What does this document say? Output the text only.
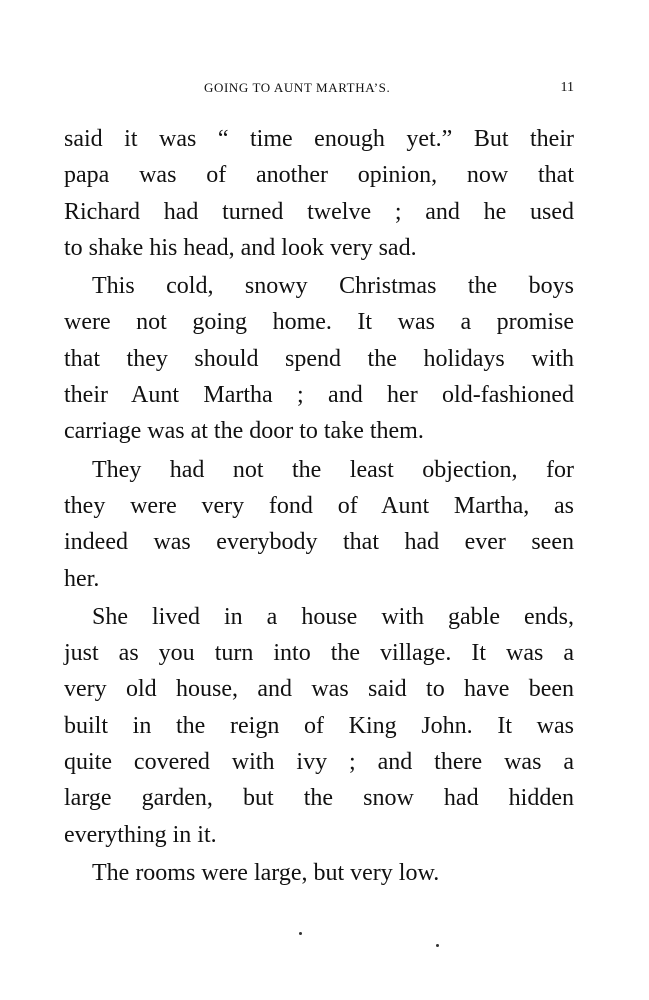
GOING TO AUNT MARTHA’S.	11
said it was “ time enough yet.” But their
papa was of another opinion, now that
Richard had turned twelve ; and he used
to shake his head, and look very sad.
This cold, snowy Christmas the boys
were not going home. It was a promise
that they should spend the holidays with
their Aunt Martha ; and her old-fashioned
carriage was at the door to take them.
They had not the least objection, for
they were very fond of Aunt Martha, as
indeed was everybody that had ever seen
her.
She lived in a house with gable ends,
just as you turn into the village. It was a
very old house, and was said to have been
built in the reign of King John. It was
quite covered with ivy ; and there was a
large garden, but the snow had hidden
everything in it.
The rooms were large, but very low.
